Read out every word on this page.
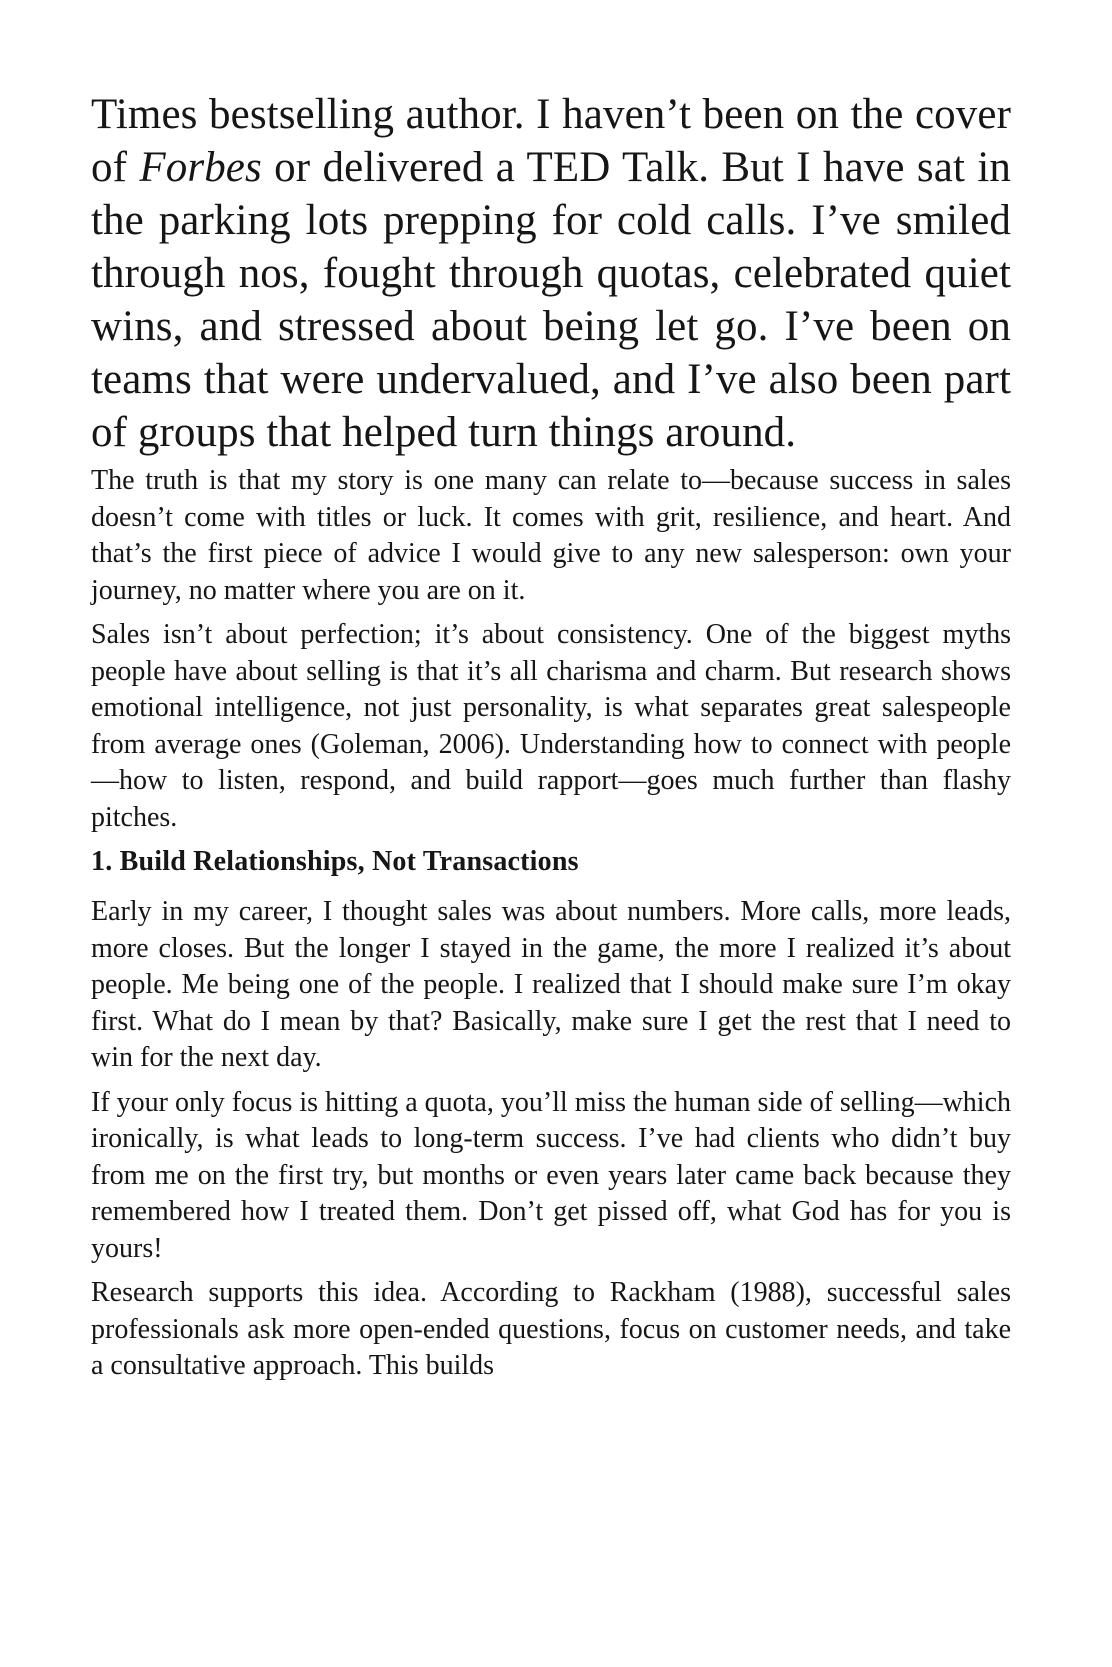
Times bestselling author. I haven’t been on the cover of Forbes or delivered a TED Talk. But I have sat in the parking lots prepping for cold calls. I’ve smiled through nos, fought through quotas, celebrated quiet wins, and stressed about being let go. I’ve been on teams that were undervalued, and I’ve also been part of groups that helped turn things around.

The truth is that my story is one many can relate to—because success in sales doesn’t come with titles or luck. It comes with grit, resilience, and heart. And that’s the first piece of advice I would give to any new salesperson: own your journey, no matter where you are on it.

Sales isn’t about perfection; it’s about consistency. One of the biggest myths people have about selling is that it’s all charisma and charm. But research shows emotional intelligence, not just personality, is what separates great salespeople from average ones (Goleman, 2006). Understanding how to connect with people—how to listen, respond, and build rapport—goes much further than flashy pitches.

1. Build Relationships, Not Transactions

Early in my career, I thought sales was about numbers. More calls, more leads, more closes. But the longer I stayed in the game, the more I realized it’s about people. Me being one of the people. I realized that I should make sure I’m okay first. What do I mean by that? Basically, make sure I get the rest that I need to win for the next day.

If your only focus is hitting a quota, you’ll miss the human side of selling—which ironically, is what leads to long-term success. I’ve had clients who didn’t buy from me on the first try, but months or even years later came back because they remembered how I treated them. Don’t get pissed off, what God has for you is yours!

Research supports this idea. According to Rackham (1988), successful sales professionals ask more open-ended questions, focus on customer needs, and take a consultative approach. This builds
